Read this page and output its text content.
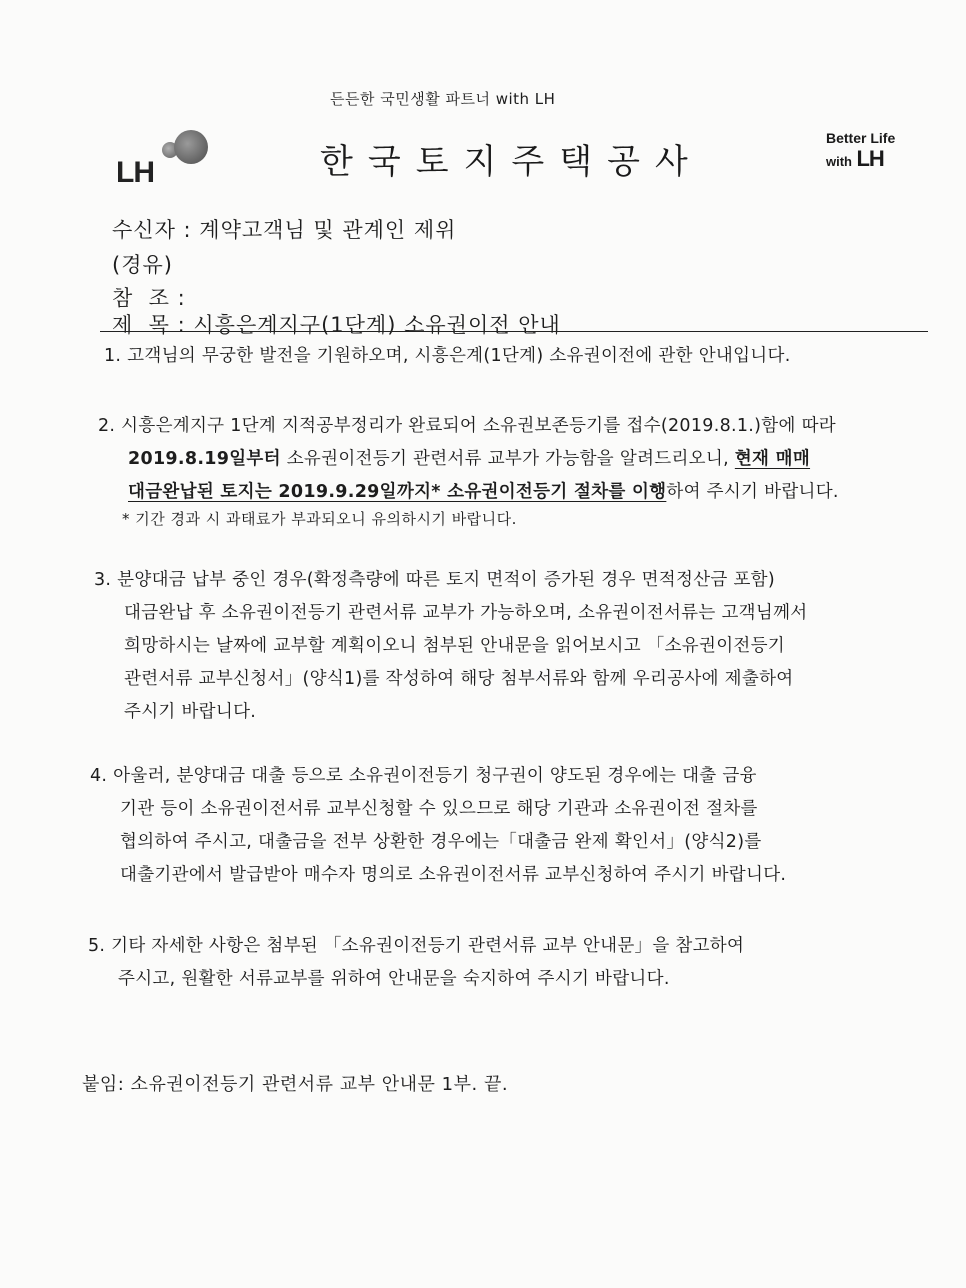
든든한 국민생활 파트너 with LH
LH	한국토지주택공사
Better Life
with LH
수신자 : 계약고객님 및 관계인 제위
(경유)
참  조 :
제  목 : 시흥은계지구(1단계) 소유권이전 안내
1. 고객님의 무궁한 발전을 기원하오며, 시흥은계(1단계) 소유권이전에 관한 안내입니다.
2. 시흥은계지구 1단계 지적공부정리가 완료되어 소유권보존등기를 접수(2019.8.1.)함에 따라
2019.8.19일부터 소유권이전등기 관련서류 교부가 가능함을 알려드리오니, 현재 매매
대금완납된 토지는 2019.9.29일까지* 소유권이전등기 절차를 이행하여 주시기 바랍니다.
* 기간 경과 시 과태료가 부과되오니 유의하시기 바랍니다.
3. 분양대금 납부 중인 경우(확정측량에 따른 토지 면적이 증가된 경우 면적정산금 포함)
대금완납 후 소유권이전등기 관련서류 교부가 가능하오며, 소유권이전서류는 고객님께서
희망하시는 날짜에 교부할 계획이오니 첨부된 안내문을 읽어보시고 「소유권이전등기
관련서류 교부신청서」(양식1)를 작성하여 해당 첨부서류와 함께 우리공사에 제출하여
주시기 바랍니다.
4. 아울러, 분양대금 대출 등으로 소유권이전등기 청구권이 양도된 경우에는 대출 금융
기관 등이 소유권이전서류 교부신청할 수 있으므로 해당 기관과 소유권이전 절차를
협의하여 주시고, 대출금을 전부 상환한 경우에는「대출금 완제 확인서」(양식2)를
대출기관에서 발급받아 매수자 명의로 소유권이전서류 교부신청하여 주시기 바랍니다.
5. 기타 자세한 사항은 첨부된 「소유권이전등기 관련서류 교부 안내문」을 참고하여
주시고, 원활한 서류교부를 위하여 안내문을 숙지하여 주시기 바랍니다.
붙임: 소유권이전등기 관련서류 교부 안내문 1부. 끝.
